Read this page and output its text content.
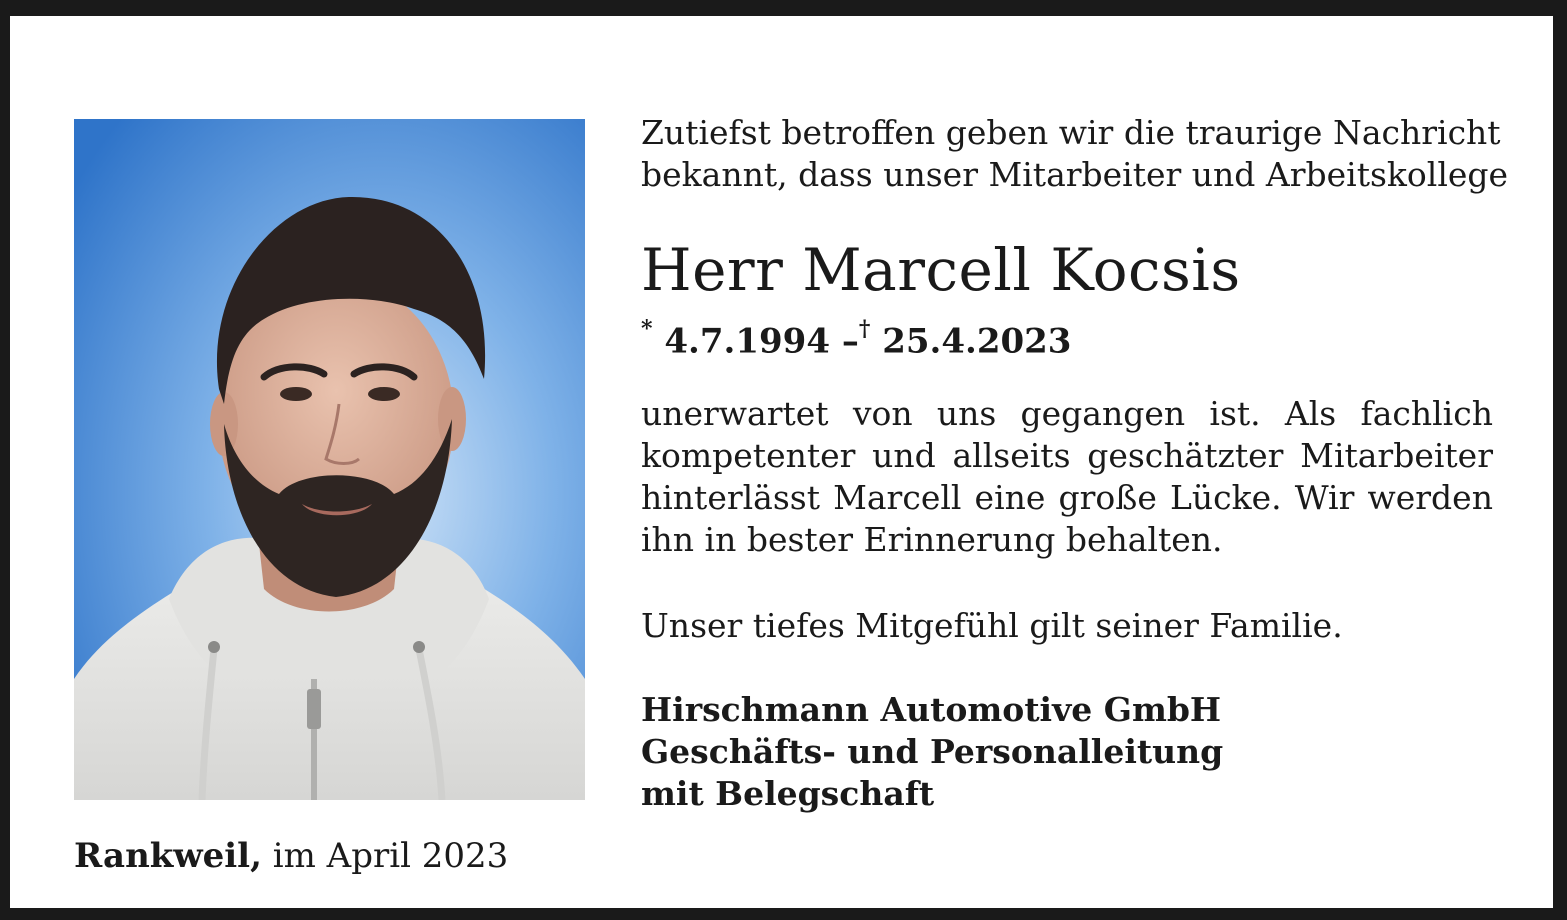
Rankweil, im April 2023
Zutiefst betroffen geben wir die traurige Nachricht
bekannt, dass unser Mitarbeiter und Arbeitskollege
Herr Marcell Kocsis
* 4.7.1994 –† 25.4.2023
unerwartet von uns gegangen ist. Als fachlich
kompetenter und allseits geschätzter Mitarbeiter
hinterlässt Marcell eine große Lücke. Wir werden
ihn in bester Erinnerung behalten.
Unser tiefes Mitgefühl gilt seiner Familie.
Hirschmann Automotive GmbH
Geschäfts- und Personalleitung
mit Belegschaft
